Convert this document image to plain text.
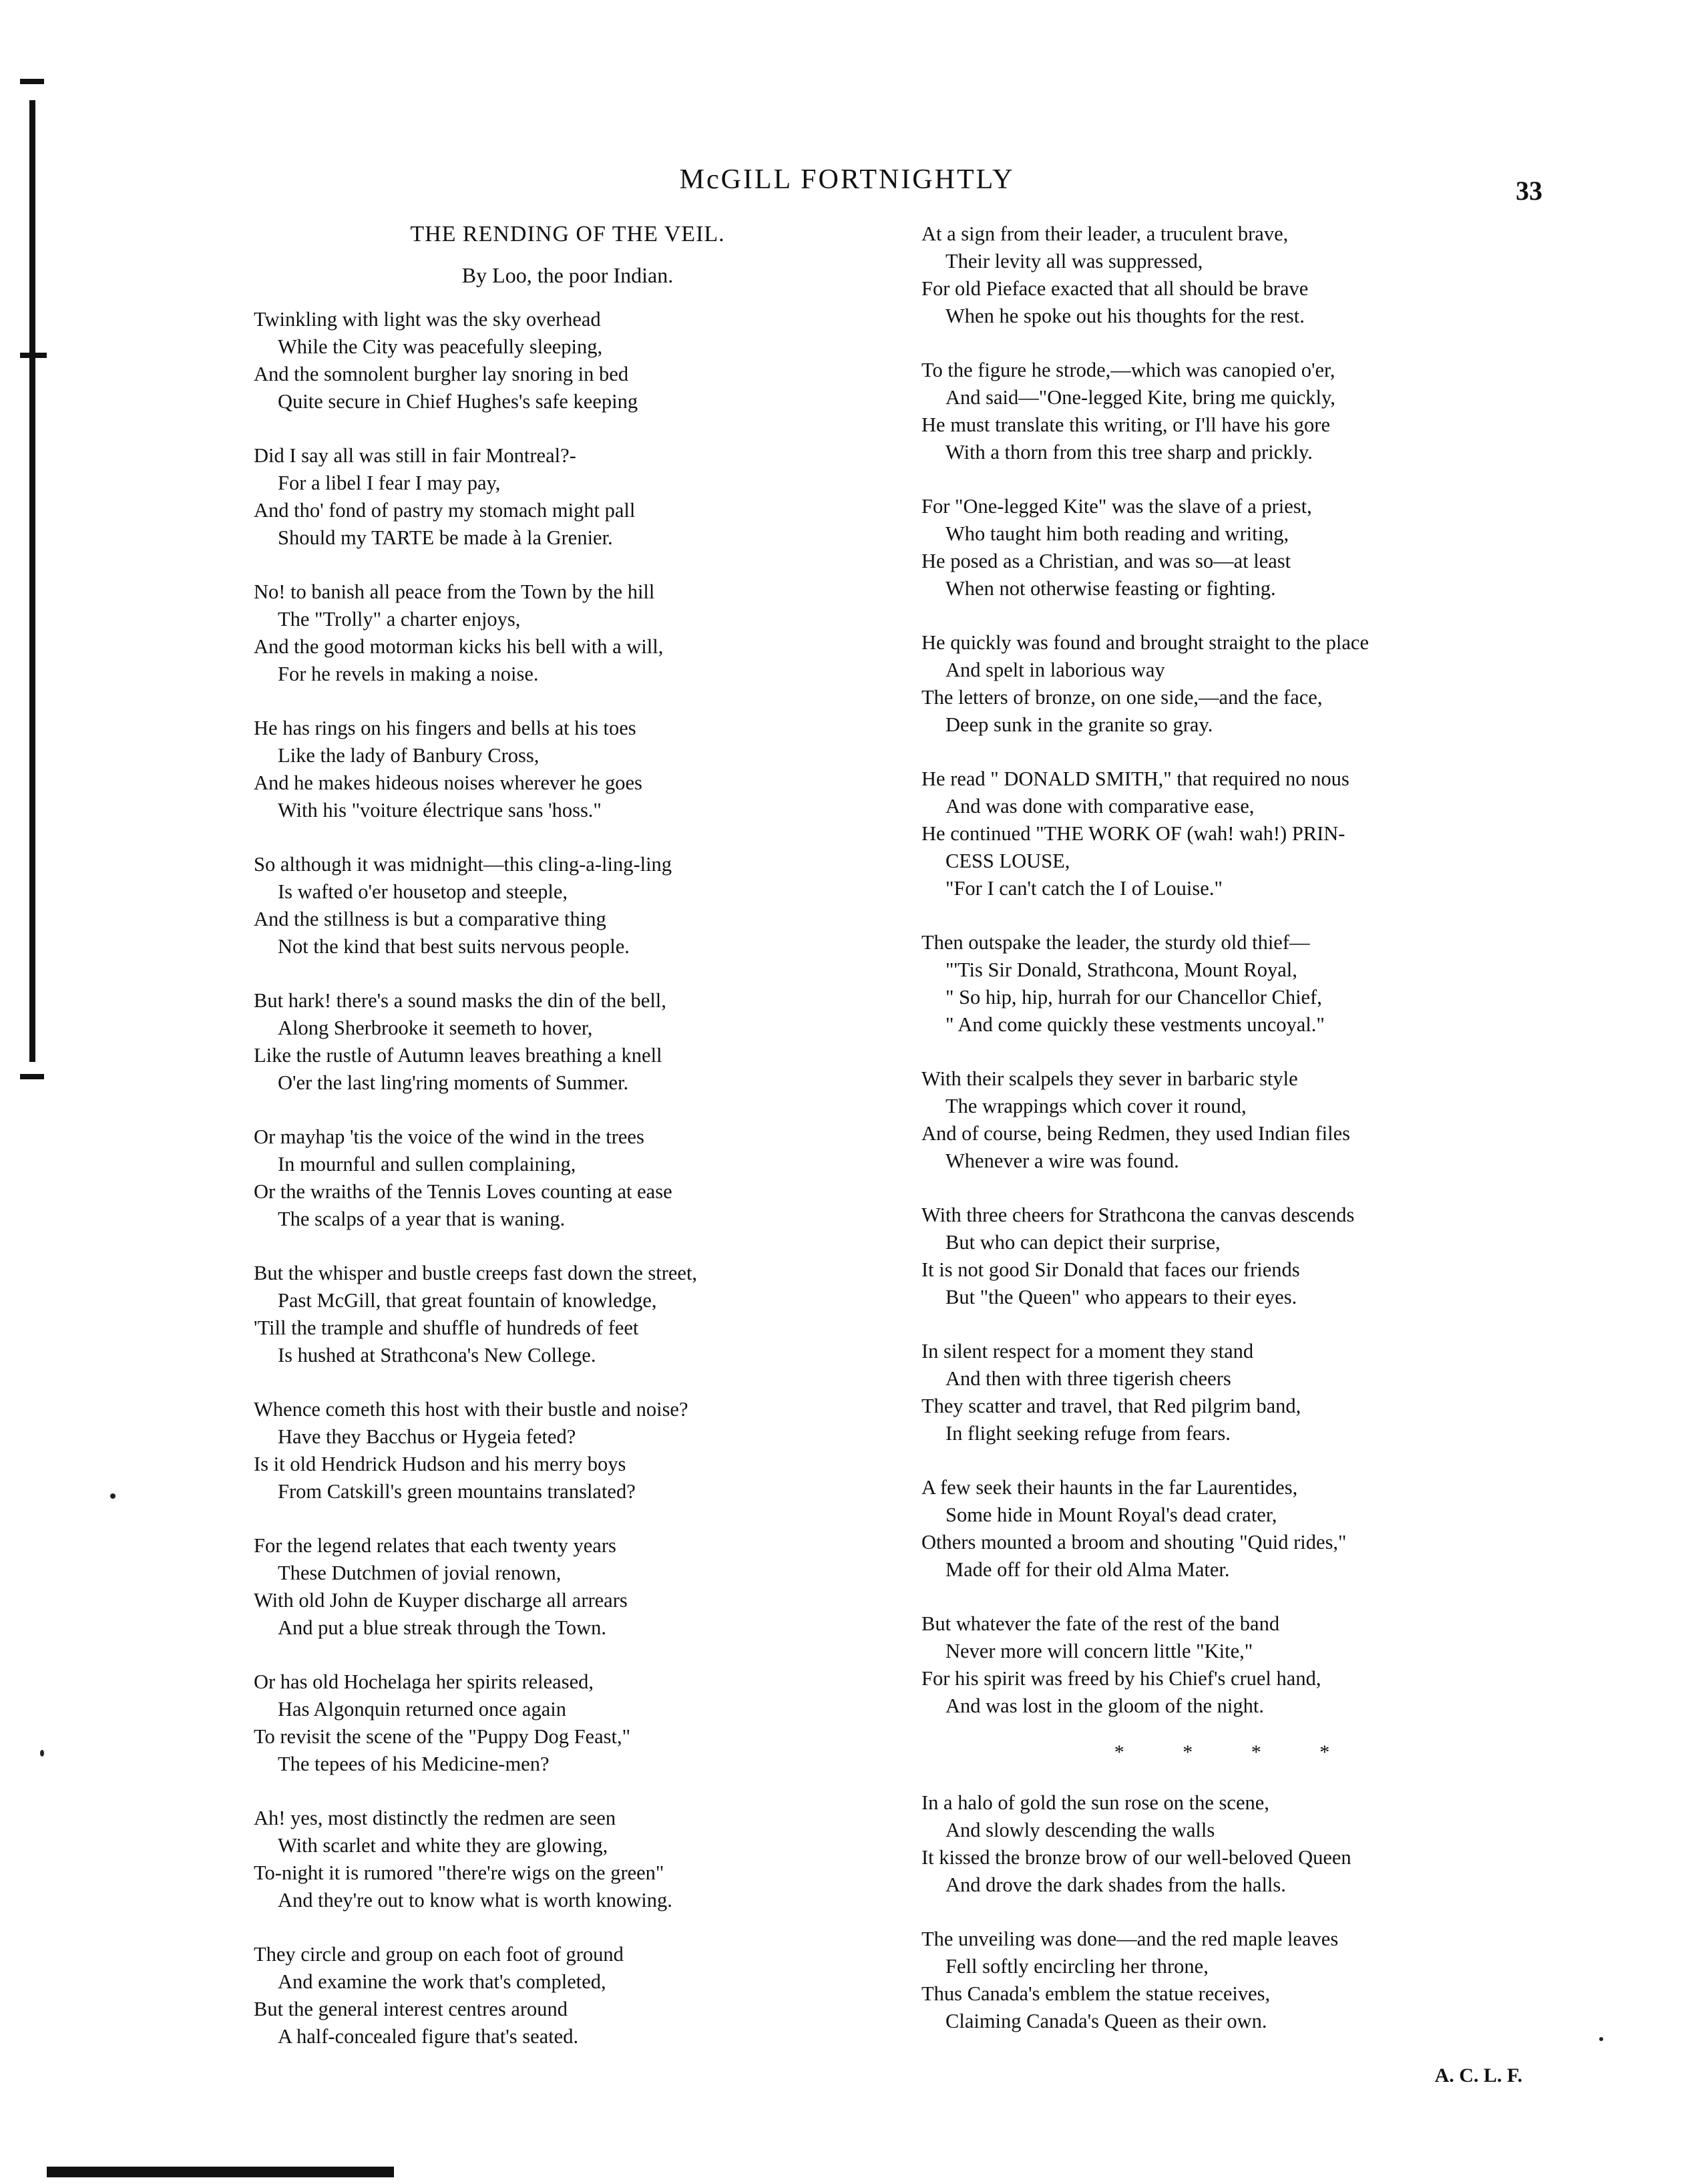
McGILL FORTNIGHTLY	33
THE RENDING OF THE VEIL.
By Loo, the poor Indian.
Twinkling with light was the sky overhead
While the City was peacefully sleeping,
And the somnolent burgher lay snoring in bed
Quite secure in Chief Hughes's safe keeping
Did I say all was still in fair Montreal?-
For a libel I fear I may pay,
And tho' fond of pastry my stomach might pall
Should my TARTE be made à la Grenier.
No! to banish all peace from the Town by the hill
The "Trolly" a charter enjoys,
And the good motorman kicks his bell with a will,
For he revels in making a noise.
He has rings on his fingers and bells at his toes
Like the lady of Banbury Cross,
And he makes hideous noises wherever he goes
With his "voiture électrique sans 'hoss."
So although it was midnight—this cling-a-ling-ling
Is wafted o'er housetop and steeple,
And the stillness is but a comparative thing
Not the kind that best suits nervous people.
But hark! there's a sound masks the din of the bell,
Along Sherbrooke it seemeth to hover,
Like the rustle of Autumn leaves breathing a knell
O'er the last ling'ring moments of Summer.
Or mayhap 'tis the voice of the wind in the trees
In mournful and sullen complaining,
Or the wraiths of the Tennis Loves counting at ease
The scalps of a year that is waning.
But the whisper and bustle creeps fast down the street,
Past McGill, that great fountain of knowledge,
'Till the trample and shuffle of hundreds of feet
Is hushed at Strathcona's New College.
Whence cometh this host with their bustle and noise?
Have they Bacchus or Hygeia feted?
Is it old Hendrick Hudson and his merry boys
From Catskill's green mountains translated?
For the legend relates that each twenty years
These Dutchmen of jovial renown,
With old John de Kuyper discharge all arrears
And put a blue streak through the Town.
Or has old Hochelaga her spirits released,
Has Algonquin returned once again
To revisit the scene of the "Puppy Dog Feast,"
The tepees of his Medicine-men?
Ah! yes, most distinctly the redmen are seen
With scarlet and white they are glowing,
To-night it is rumored "there're wigs on the green"
And they're out to know what is worth knowing.
They circle and group on each foot of ground
And examine the work that's completed,
But the general interest centres around
A half-concealed figure that's seated.
At a sign from their leader, a truculent brave,
Their levity all was suppressed,
For old Pieface exacted that all should be brave
When he spoke out his thoughts for the rest.
To the figure he strode,—which was canopied o'er,
And said—"One-legged Kite, bring me quickly,
He must translate this writing, or I'll have his gore
With a thorn from this tree sharp and prickly.
For "One-legged Kite" was the slave of a priest,
Who taught him both reading and writing,
He posed as a Christian, and was so—at least
When not otherwise feasting or fighting.
He quickly was found and brought straight to the place
And spelt in laborious way
The letters of bronze, on one side,—and the face,
Deep sunk in the granite so gray.
He read " DONALD SMITH," that required no nous
And was done with comparative ease,
He continued "THE WORK OF (wah! wah!) PRIN-
CESS LOUSE,
"For I can't catch the I of Louise."
Then outspake the leader, the sturdy old thief—
"'Tis Sir Donald, Strathcona, Mount Royal,
" So hip, hip, hurrah for our Chancellor Chief,
" And come quickly these vestments uncoyal."
With their scalpels they sever in barbaric style
The wrappings which cover it round,
And of course, being Redmen, they used Indian files
Whenever a wire was found.
With three cheers for Strathcona the canvas descends
But who can depict their surprise,
It is not good Sir Donald that faces our friends
But "the Queen" who appears to their eyes.
In silent respect for a moment they stand
And then with three tigerish cheers
They scatter and travel, that Red pilgrim band,
In flight seeking refuge from fears.
A few seek their haunts in the far Laurentides,
Some hide in Mount Royal's dead crater,
Others mounted a broom and shouting "Quid rides,"
Made off for their old Alma Mater.
But whatever the fate of the rest of the band
Never more will concern little "Kite,"
For his spirit was freed by his Chief's cruel hand,
And was lost in the gloom of the night.
* * * *
In a halo of gold the sun rose on the scene,
And slowly descending the walls
It kissed the bronze brow of our well-beloved Queen
And drove the dark shades from the halls.
The unveiling was done—and the red maple leaves
Fell softly encircling her throne,
Thus Canada's emblem the statue receives,
Claiming Canada's Queen as their own.
A. C. L. F.
